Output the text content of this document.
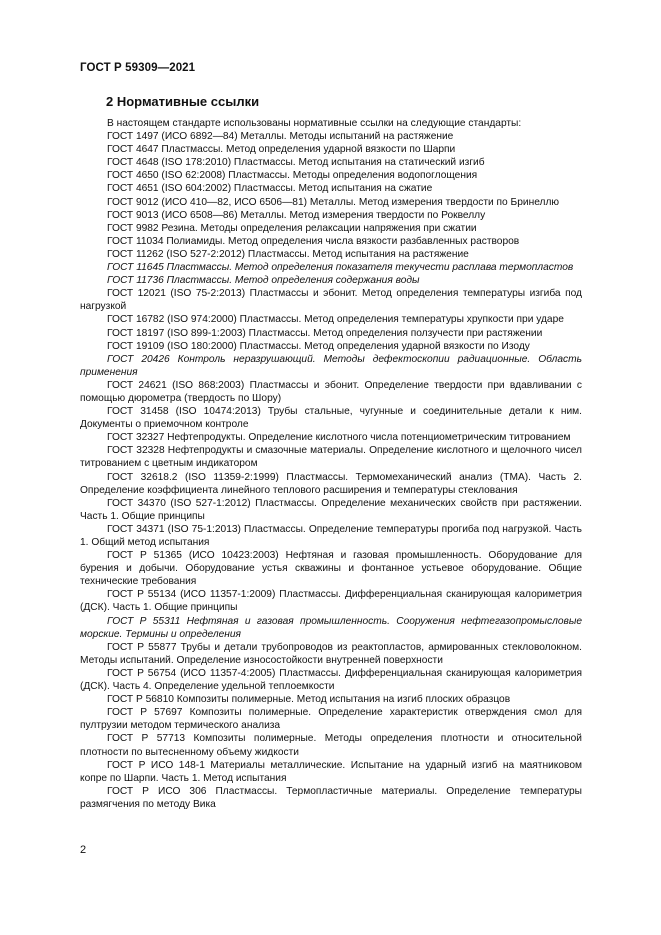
ГОСТ Р 59309—2021
2 Нормативные ссылки

В настоящем стандарте использованы нормативные ссылки на следующие стандарты:

ГОСТ 1497 (ИСО 6892—84) Металлы. Методы испытаний на растяжение

ГОСТ 4647 Пластмассы. Метод определения ударной вязкости по Шарпи

ГОСТ 4648 (ISO 178:2010) Пластмассы. Метод испытания на статический изгиб

ГОСТ 4650 (ISO 62:2008) Пластмассы. Методы определения водопоглощения

ГОСТ 4651 (ISO 604:2002) Пластмассы. Метод испытания на сжатие

ГОСТ 9012 (ИСО 410—82, ИСО 6506—81) Металлы. Метод измерения твердости по Бринеллю

ГОСТ 9013 (ИСО 6508—86) Металлы. Метод измерения твердости по Роквеллу

ГОСТ 9982 Резина. Методы определения релаксации напряжения при сжатии

ГОСТ 11034 Полиамиды. Метод определения числа вязкости разбавленных растворов

ГОСТ 11262 (ISO 527-2:2012) Пластмассы. Метод испытания на растяжение

ГОСТ 11645 Пластмассы. Метод определения показателя текучести расплава термопластов

ГОСТ 11736 Пластмассы. Метод определения содержания воды

ГОСТ 12021 (ISO 75-2:2013) Пластмассы и эбонит. Метод определения температуры изгиба под нагрузкой

ГОСТ 16782 (ISO 974:2000) Пластмассы. Метод определения температуры хрупкости при ударе

ГОСТ 18197 (ISO 899-1:2003) Пластмассы. Метод определения ползучести при растяжении

ГОСТ 19109 (ISO 180:2000) Пластмассы. Метод определения ударной вязкости по Изоду

ГОСТ 20426 Контроль неразрушающий. Методы дефектоскопии радиационные. Область применения

ГОСТ 24621 (ISO 868:2003) Пластмассы и эбонит. Определение твердости при вдавливании с помощью дюрометра (твердость по Шору)

ГОСТ 31458 (ISO 10474:2013) Трубы стальные, чугунные и соединительные детали к ним. Документы о приемочном контроле

ГОСТ 32327 Нефтепродукты. Определение кислотного числа потенциометрическим титрованием

ГОСТ 32328 Нефтепродукты и смазочные материалы. Определение кислотного и щелочного чисел титрованием с цветным индикатором

ГОСТ 32618.2 (ISO 11359-2:1999) Пластмассы. Термомеханический анализ (ТМА). Часть 2. Определение коэффициента линейного теплового расширения и температуры стеклования

ГОСТ 34370 (ISO 527-1:2012) Пластмассы. Определение механических свойств при растяжении. Часть 1. Общие принципы

ГОСТ 34371 (ISO 75-1:2013) Пластмассы. Определение температуры прогиба под нагрузкой. Часть 1. Общий метод испытания

ГОСТ Р 51365 (ИСО 10423:2003) Нефтяная и газовая промышленность. Оборудование для бурения и добычи. Оборудование устья скважины и фонтанное устьевое оборудование. Общие технические требования

ГОСТ Р 55134 (ИСО 11357-1:2009) Пластмассы. Дифференциальная сканирующая калориметрия (ДСК). Часть 1. Общие принципы

ГОСТ Р 55311 Нефтяная и газовая промышленность. Сооружения нефтегазопромысловые морские. Термины и определения

ГОСТ Р 55877 Трубы и детали трубопроводов из реактопластов, армированных стекловолокном. Методы испытаний. Определение износостойкости внутренней поверхности

ГОСТ Р 56754 (ИСО 11357-4:2005) Пластмассы. Дифференциальная сканирующая калориметрия (ДСК). Часть 4. Определение удельной теплоемкости

ГОСТ Р 56810 Композиты полимерные. Метод испытания на изгиб плоских образцов

ГОСТ Р 57697 Композиты полимерные. Определение характеристик отверждения смол для пултрузии методом термического анализа

ГОСТ Р 57713 Композиты полимерные. Методы определения плотности и относительной плотности по вытесненному объему жидкости

ГОСТ Р ИСО 148-1 Материалы металлические. Испытание на ударный изгиб на маятниковом копре по Шарпи. Часть 1. Метод испытания

ГОСТ Р ИСО 306 Пластмассы. Термопластичные материалы. Определение температуры размягчения по методу Вика

2
